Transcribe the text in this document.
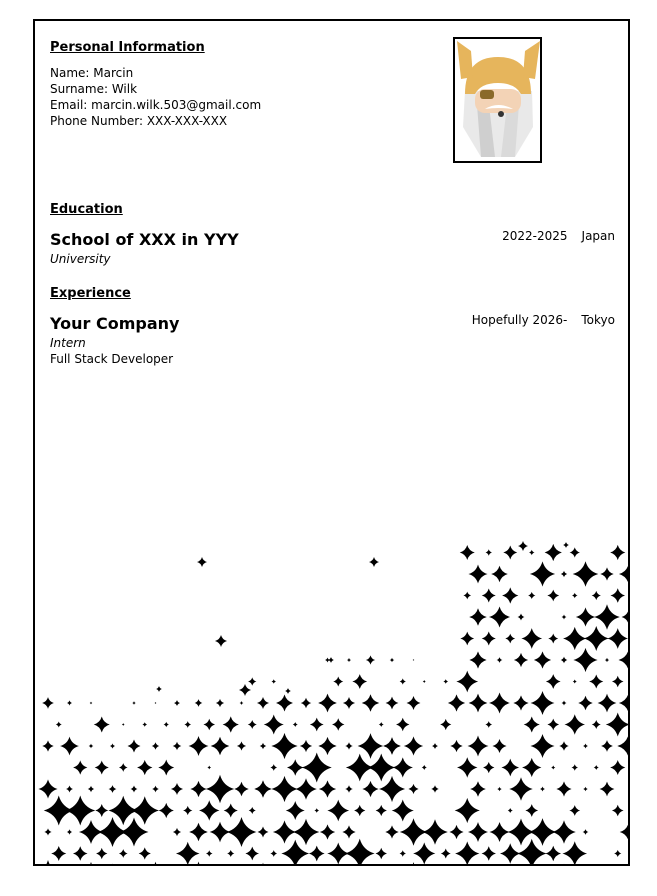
Personal Information
Name: Marcin
Surname: Wilk
Email: marcin.wilk.503@gmail.com
Phone Number: XXX-XXX-XXX
Education
School of XXX in YYY
University
2022-2025 Japan
Experience
Your Company
Intern
Full Stack Developer
Hopefully 2026- Tokyo
